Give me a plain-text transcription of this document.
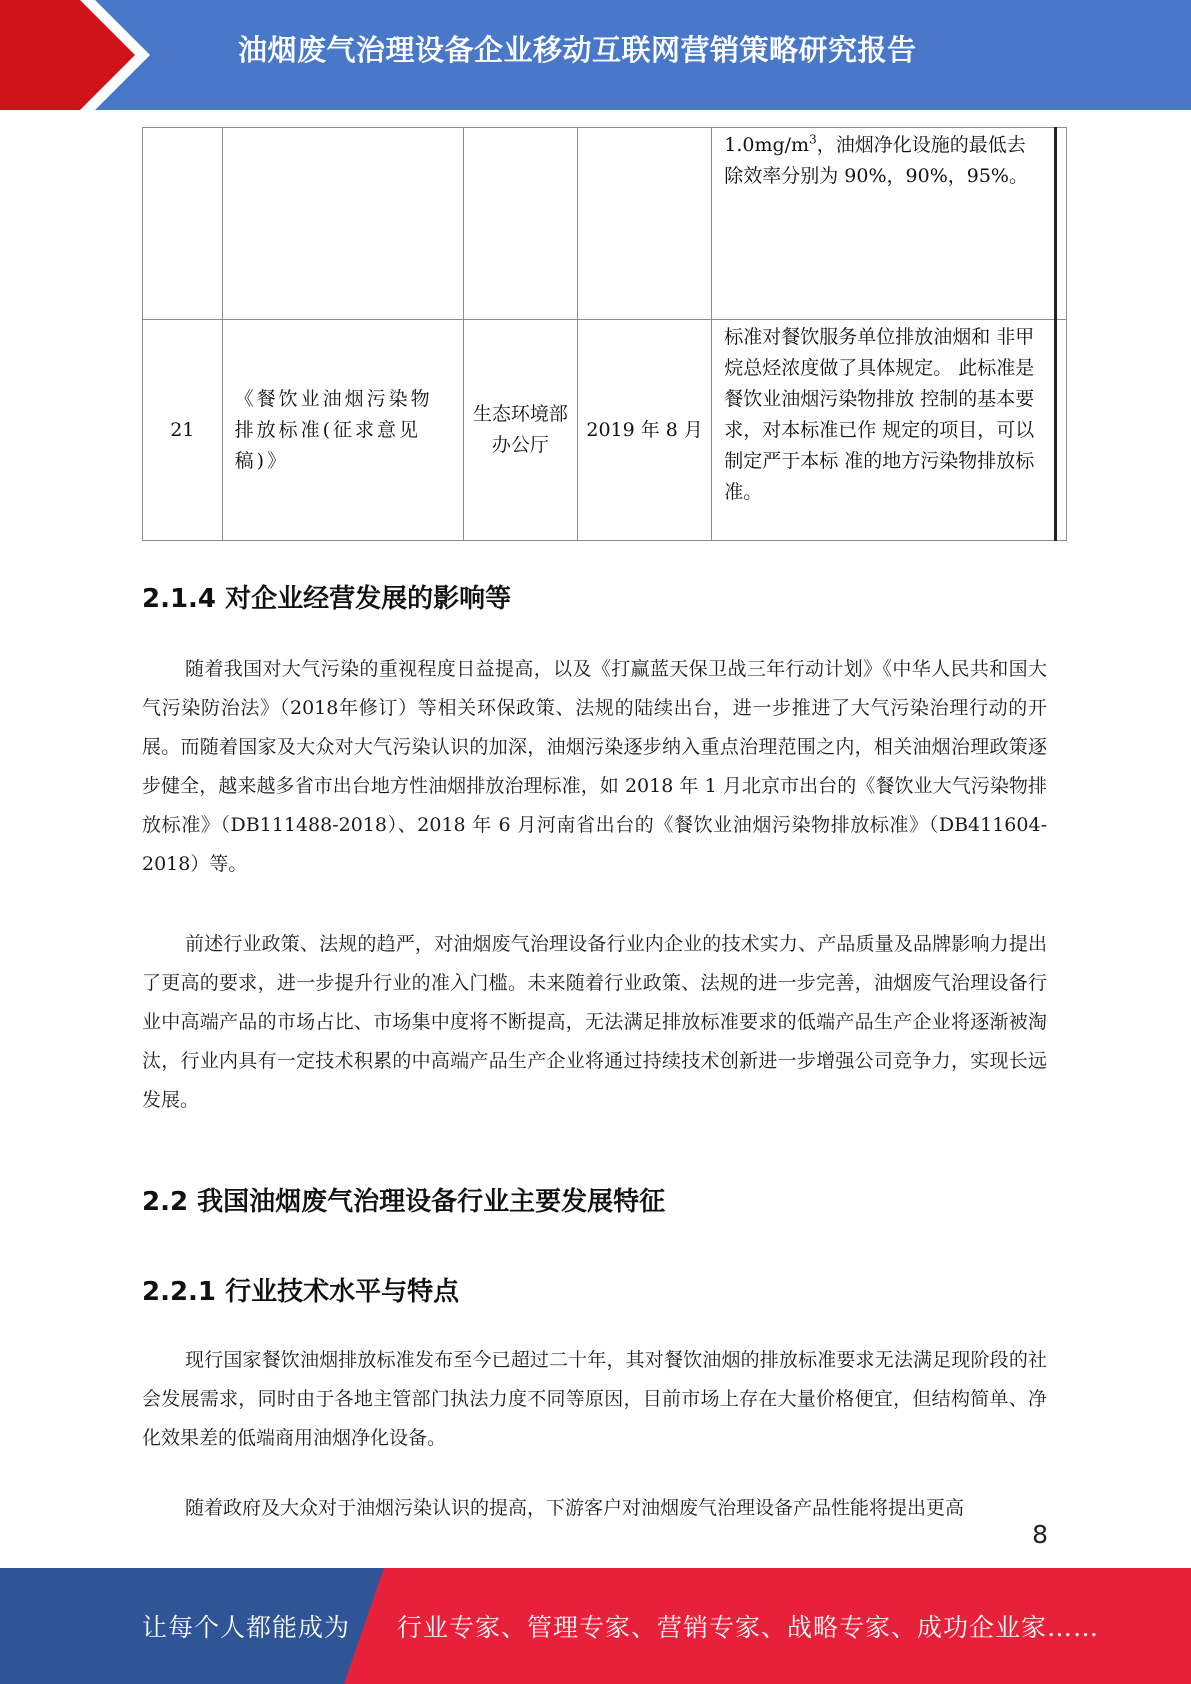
油烟废气治理设备企业移动互联网营销策略研究报告
				$1.0mg/m^3$，油烟净化设施的最低去 除效率分别为 90%，90%，95%。	
21	《餐饮业油烟污染物 排放标准(征求意见 稿)》	生态环境部办公厅	2019 年 8 月	标准对餐饮服务单位排放油烟和 非甲烷总烃浓度做了具体规定。 此标准是餐饮业油烟污染物排放 控制的基本要求，对本标准已作 规定的项目，可以制定严于本标 准的地方污染物排放标准。	
2.1.4 对企业经营发展的影响等
随着我国对大气污染的重视程度日益提高，以及《打赢蓝天保卫战三年行动计划》《中华人民共和国大气污染防治法》（2018年修订）等相关环保政策、法规的陆续出台，进一步推进了大气污染治理行动的开展。而随着国家及大众对大气污染认识的加深，油烟污染逐步纳入重点治理范围之内，相关油烟治理政策逐步健全，越来越多省市出台地方性油烟排放治理标准，如 2018 年 1 月北京市出台的《餐饮业大气污染物排放标准》（DB111488-2018）、2018 年 6 月河南省出台的《餐饮业油烟污染物排放标准》（DB411604-2018）等。
前述行业政策、法规的趋严，对油烟废气治理设备行业内企业的技术实力、产品质量及品牌影响力提出了更高的要求，进一步提升行业的准入门槛。未来随着行业政策、法规的进一步完善，油烟废气治理设备行业中高端产品的市场占比、市场集中度将不断提高，无法满足排放标准要求的低端产品生产企业将逐渐被淘汰，行业内具有一定技术积累的中高端产品生产企业将通过持续技术创新进一步增强公司竞争力，实现长远发展。
2.2 我国油烟废气治理设备行业主要发展特征
2.2.1 行业技术水平与特点
现行国家餐饮油烟排放标准发布至今已超过二十年，其对餐饮油烟的排放标准要求无法满足现阶段的社会发展需求，同时由于各地主管部门执法力度不同等原因，目前市场上存在大量价格便宜，但结构简单、净化效果差的低端商用油烟净化设备。
随着政府及大众对于油烟污染认识的提高，下游客户对油烟废气治理设备产品性能将提出更高
8
让每个人都能成为 行业专家、管理专家、营销专家、战略专家、成功企业家……
